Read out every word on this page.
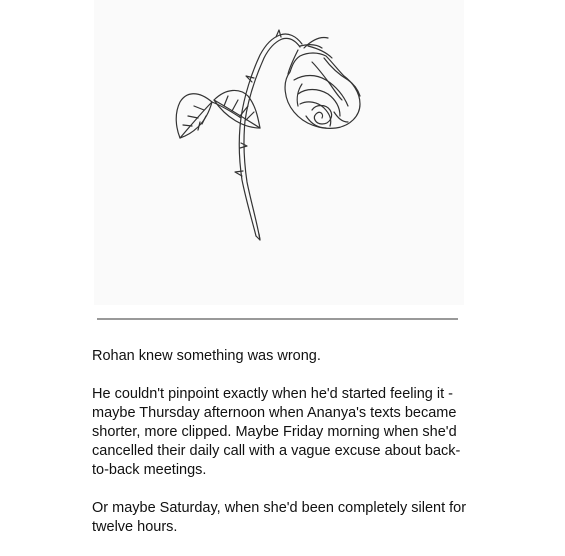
Rohan knew something was wrong.

He couldn't pinpoint exactly when he'd started feeling it - maybe Thursday afternoon when Ananya's texts became shorter, more clipped. Maybe Friday morning when she'd cancelled their daily call with a vague excuse about back-to-back meetings.

Or maybe Saturday, when she'd been completely silent for twelve hours.
